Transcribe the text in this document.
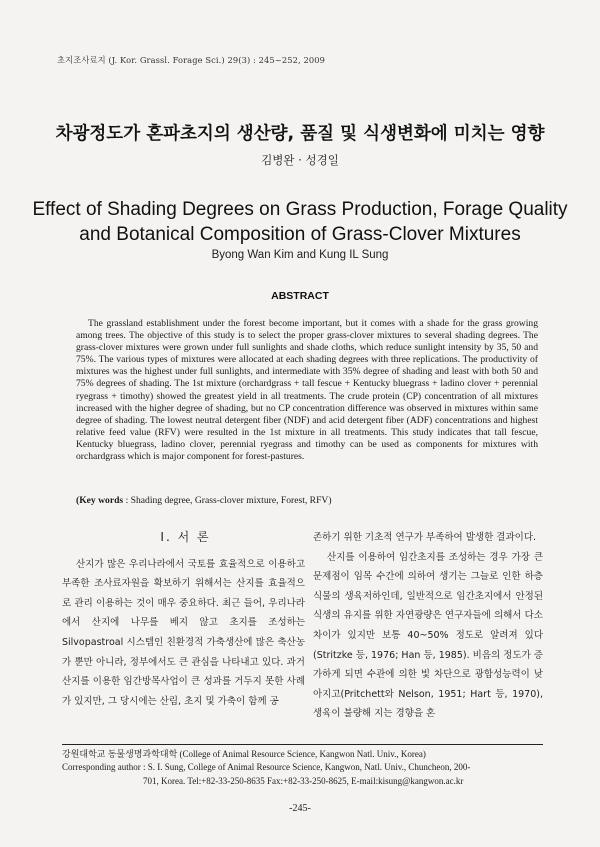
초지조사료지 (J. Kor. Grassl. Forage Sci.) 29(3) : 245~252, 2009
차광정도가 혼파초지의 생산량, 품질 및 식생변화에 미치는 영향
김병완 · 성경일
Effect of Shading Degrees on Grass Production, Forage Quality
and Botanical Composition of Grass-Clover Mixtures
Byong Wan Kim and Kung IL Sung
ABSTRACT

The grassland establishment under the forest become important, but it comes with a shade for the grass growing among trees. The objective of this study is to select the proper grass-clover mixtures to several shading degrees. The grass-clover mixtures were grown under full sunlights and shade cloths, which reduce sunlight intensity by 35, 50 and 75%. The various types of mixtures were allocated at each shading degrees with three replications. The productivity of mixtures was the highest under full sunlights, and intermediate with 35% degree of shading and least with both 50 and 75% degrees of shading. The 1st mixture (orchardgrass + tall fescue + Kentucky bluegrass + ladino clover + perennial ryegrass + timothy) showed the greatest yield in all treatments. The crude protein (CP) concentration of all mixtures increased with the higher degree of shading, but no CP concentration difference was observed in mixtures within same degree of shading. The lowest neutral detergent fiber (NDF) and acid detergent fiber (ADF) concentrations and highest relative feed value (RFV) were resulted in the 1st mixture in all treatments. This study indicates that tall fescue, Kentucky bluegrass, ladino clover, perennial ryegrass and timothy can be used as components for mixtures with orchardgrass which is major component for forest-pastures.

(Key words : Shading degree, Grass-clover mixture, Forest, RFV)

I. 서 론

산지가 많은 우리나라에서 국토를 효율적으로 이용하고 부족한 조사료자원을 확보하기 위해서는 산지를 효율적으로 관리 이용하는 것이 매우 중요하다. 최근 들어, 우리나라에서 산지에 나무를 베지 않고 초지를 조성하는 Silvopastroal 시스템인 친환경적 가축생산에 많은 축산농가 뿐만 아니라, 정부에서도 큰 관심을 나타내고 있다. 과거 산지를 이용한 임간방목사업이 큰 성과를 거두지 못한 사례가 있지만, 그 당시에는 산림, 초지 및 가축이 함께 공

존하기 위한 기초적 연구가 부족하여 발생한 결과이다.

산지를 이용하여 임간초지를 조성하는 경우 가장 큰 문제점이 임목 수간에 의하여 생기는 그늘로 인한 하층식물의 생육저하인데, 일반적으로 임간초지에서 안정된 식생의 유지를 위한 자연광량은 연구자들에 의해서 다소 차이가 있지만 보통 40~50% 정도로 알려져 있다 (Stritzke 등, 1976; Han 등, 1985). 비음의 정도가 증가하게 되면 수관에 의한 빛 차단으로 광합성능력이 낮아지고(Pritchett와 Nelson, 1951; Hart 등, 1970), 생육이 불량해 지는 경향을 혼

강원대학교 동물생명과학대학 (College of Animal Resource Science, Kangwon Natl. Univ., Korea)

Corresponding author : S. I. Sung, College of Animal Resource Science, Kangwon, Natl. Univ., Chuncheon, 200-

701, Korea. Tel:+82-33-250-8635 Fax:+82-33-250-8625, E-mail:kisung@kangwon.ac.kr

-245-
